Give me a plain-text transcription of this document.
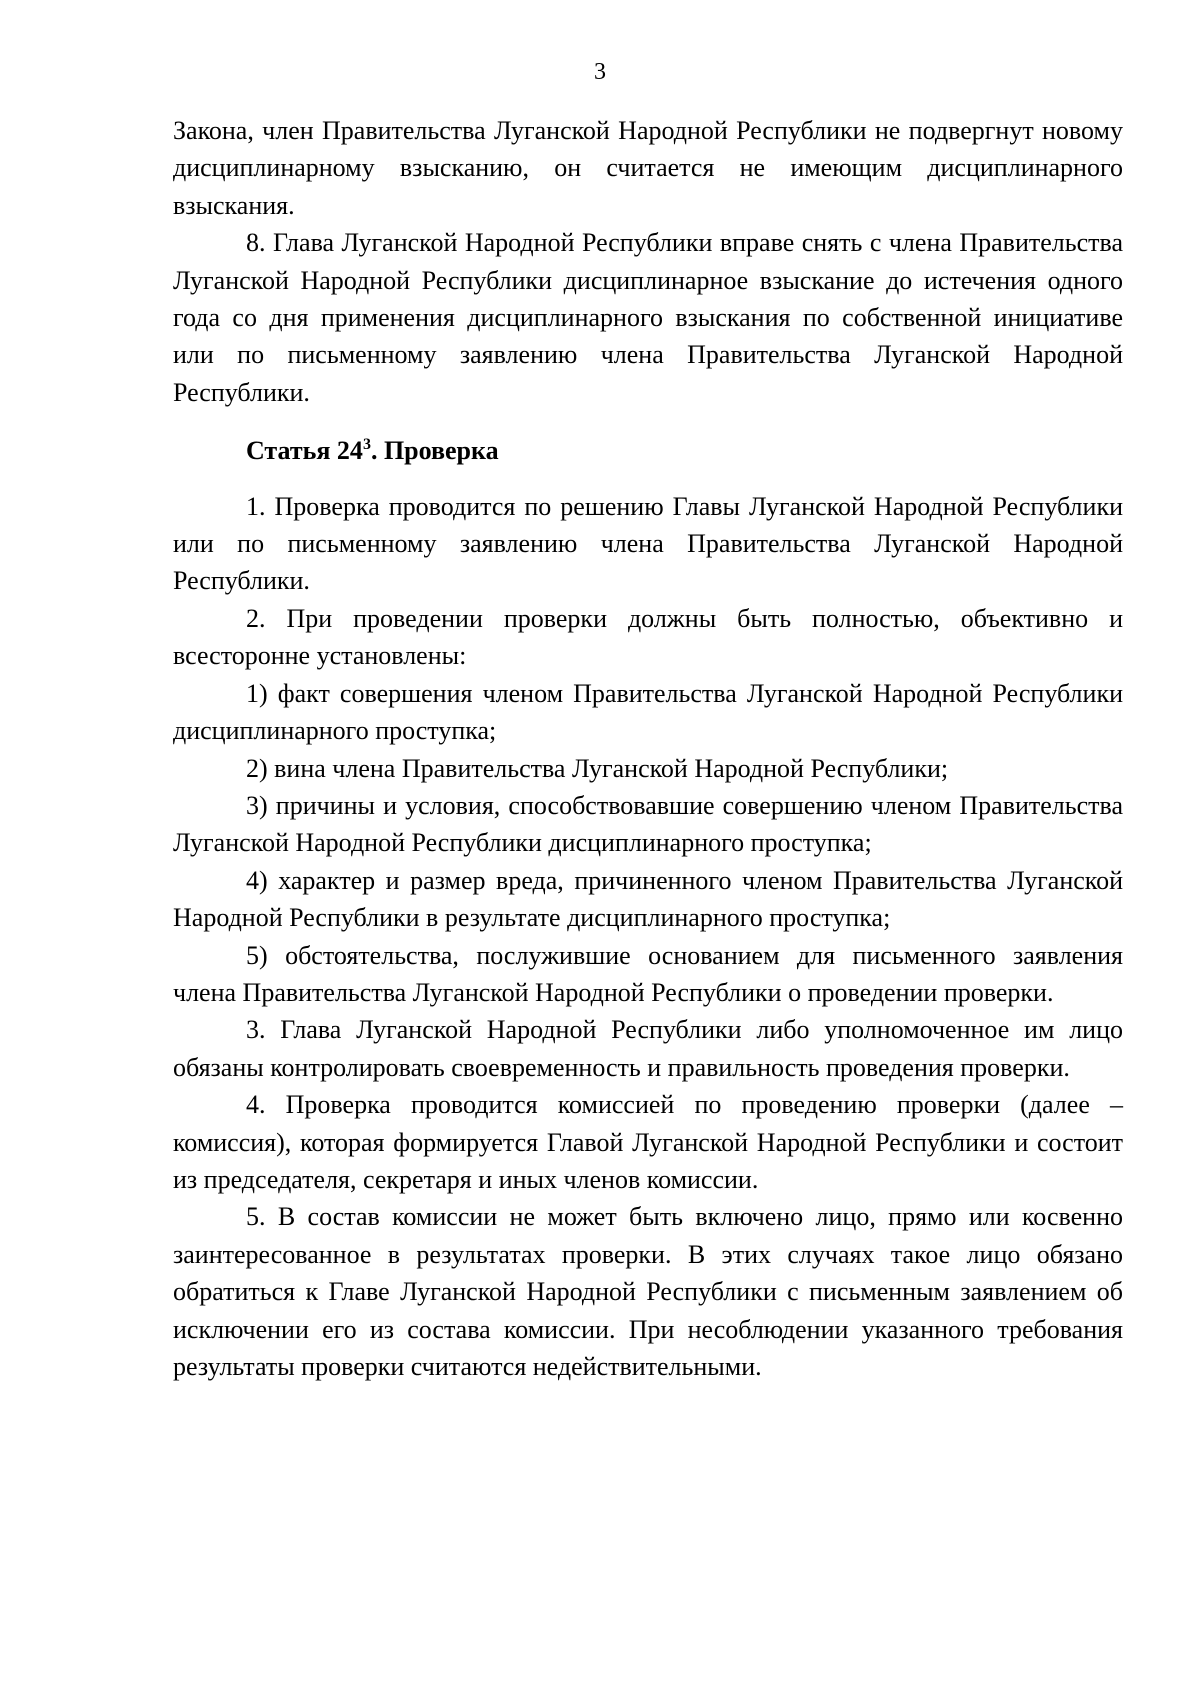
3

Закона, член Правительства Луганской Народной Республики не подвергнут новому дисциплинарному взысканию, он считается не имеющим дисциплинарного взыскания.

8. Глава Луганской Народной Республики вправе снять с члена Правительства Луганской Народной Республики дисциплинарное взыскание до истечения одного года со дня применения дисциплинарного взыскания по собственной инициативе или по письменному заявлению члена Правительства Луганской Народной Республики.

Статья $24^3$. Проверка

1. Проверка проводится по решению Главы Луганской Народной Республики или по письменному заявлению члена Правительства Луганской Народной Республики.

2. При проведении проверки должны быть полностью, объективно и всесторонне установлены:

1) факт совершения членом Правительства Луганской Народной Республики дисциплинарного проступка;

2) вина члена Правительства Луганской Народной Республики;

3) причины и условия, способствовавшие совершению членом Правительства Луганской Народной Республики дисциплинарного проступка;

4) характер и размер вреда, причиненного членом Правительства Луганской Народной Республики в результате дисциплинарного проступка;

5) обстоятельства, послужившие основанием для письменного заявления члена Правительства Луганской Народной Республики о проведении проверки.

3. Глава Луганской Народной Республики либо уполномоченное им лицо обязаны контролировать своевременность и правильность проведения проверки.

4. Проверка проводится комиссией по проведению проверки (далее – комиссия), которая формируется Главой Луганской Народной Республики и состоит из председателя, секретаря и иных членов комиссии.

5. В состав комиссии не может быть включено лицо, прямо или косвенно заинтересованное в результатах проверки. В этих случаях такое лицо обязано обратиться к Главе Луганской Народной Республики с письменным заявлением об исключении его из состава комиссии. При несоблюдении указанного требования результаты проверки считаются недействительными.
